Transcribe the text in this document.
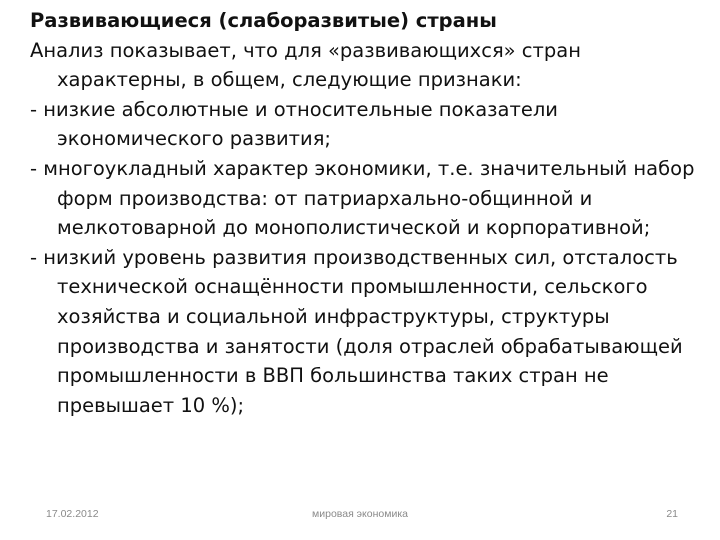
Развивающиеся (слаборазвитые) страны

Анализ показывает, что для «развивающихся» стран характерны, в общем, следующие признаки:

- низкие абсолютные и относительные показатели экономического развития;

- многоукладный характер экономики, т.е. значительный набор форм производства: от патриархально-общинной и мелкотоварной до монополистической и корпоративной;

- низкий уровень развития производственных сил, отсталость технической оснащённости промышленности, сельского хозяйства и социальной инфраструктуры, структуры производства и занятости (доля отраслей обрабатывающей промышленности в ВВП большинства таких стран не превышает 10 %);

17.02.2012	мировая экономика	21
